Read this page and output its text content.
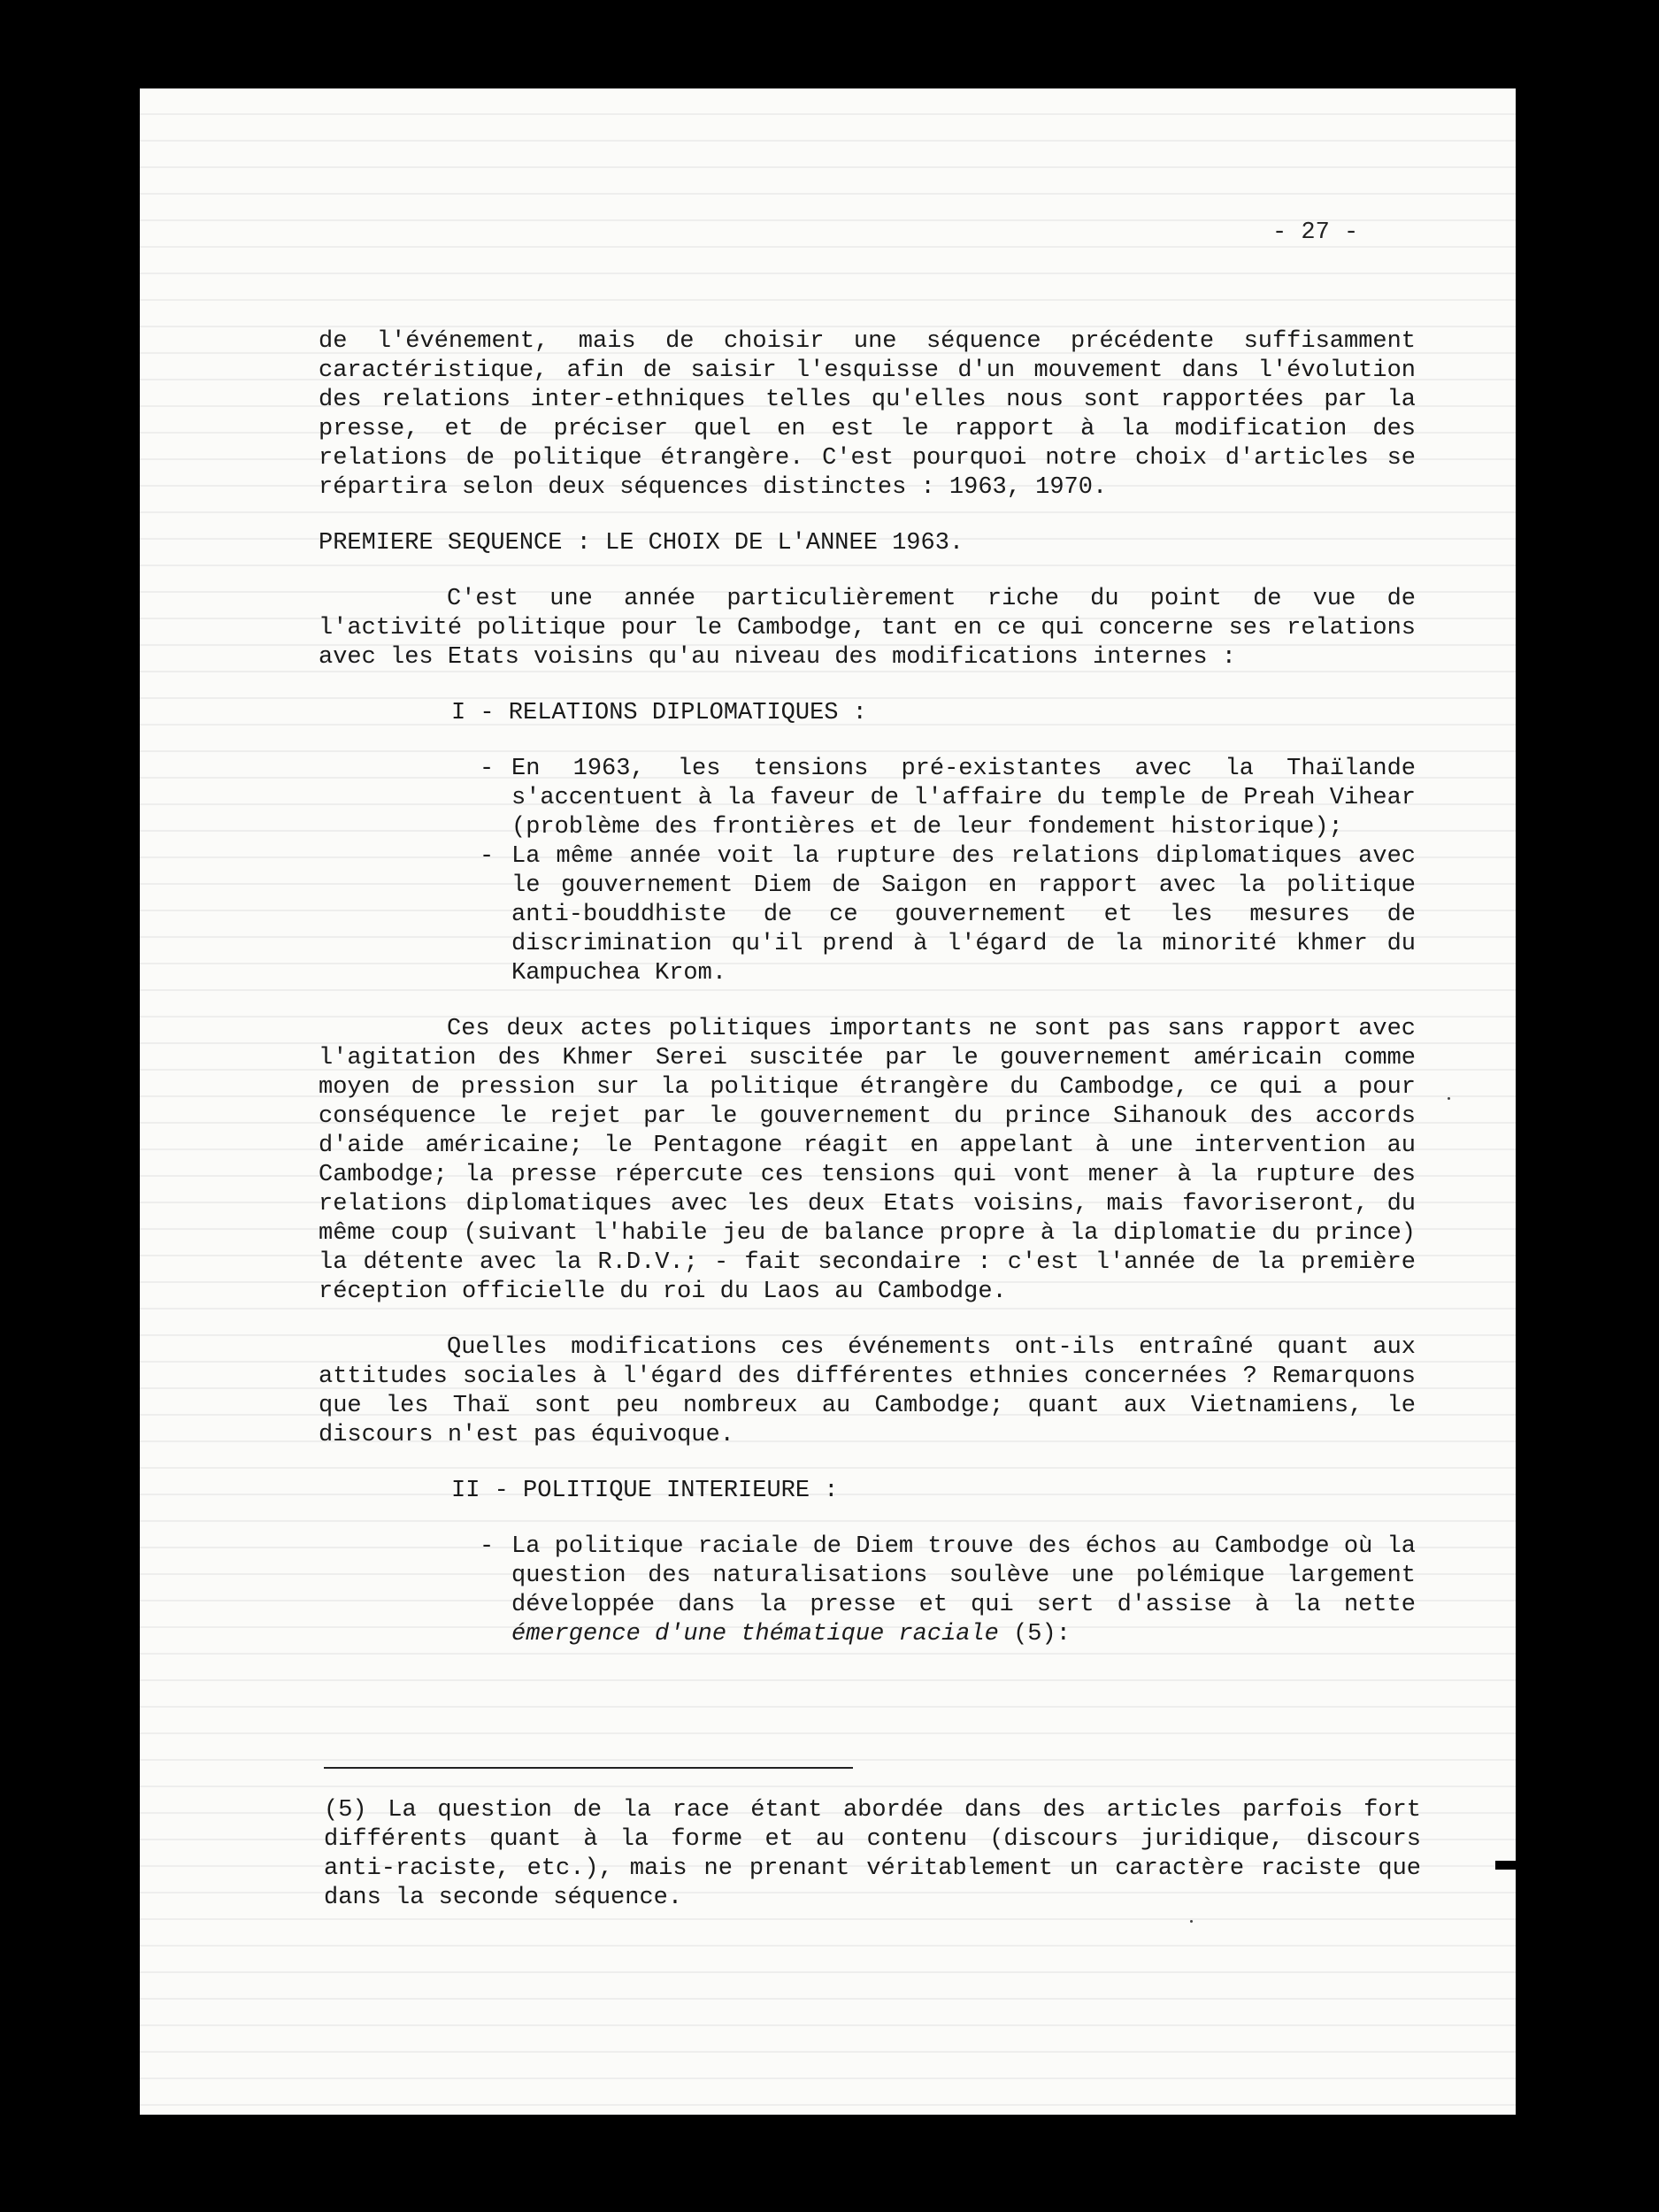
- 27 -

de l'événement, mais de choisir une séquence précédente suffisamment caractéristique, afin de saisir l'esquisse d'un mouvement dans l'évolution des relations inter-ethniques telles qu'elles nous sont rapportées par la presse, et de préciser quel en est le rapport à la modification des relations de politique étrangère. C'est pourquoi notre choix d'articles se répartira selon deux séquences distinctes : 1963, 1970.

PREMIERE SEQUENCE : LE CHOIX DE L'ANNEE 1963.

C'est une année particulièrement riche du point de vue de l'activité politique pour le Cambodge, tant en ce qui concerne ses relations avec les Etats voisins qu'au niveau des modifications internes :

I - RELATIONS DIPLOMATIQUES :

- En 1963, les tensions pré-existantes avec la Thaïlande s'accentuent à la faveur de l'affaire du temple de Preah Vihear (problème des frontières et de leur fondement historique);
- La même année voit la rupture des relations diplomatiques avec le gouvernement Diem de Saigon en rapport avec la politique anti-bouddhiste de ce gouvernement et les mesures de discrimination qu'il prend à l'égard de la minorité khmer du Kampuchea Krom.

Ces deux actes politiques importants ne sont pas sans rapport avec l'agitation des Khmer Serei suscitée par le gouvernement américain comme moyen de pression sur la politique étrangère du Cambodge, ce qui a pour conséquence le rejet par le gouvernement du prince Sihanouk des accords d'aide américaine; le Pentagone réagit en appelant à une intervention au Cambodge; la presse répercute ces tensions qui vont mener à la rupture des relations diplomatiques avec les deux Etats voisins, mais favoriseront, du même coup (suivant l'habile jeu de balance propre à la diplomatie du prince) la détente avec la R.D.V.; - fait secondaire : c'est l'année de la première réception officielle du roi du Laos au Cambodge.

Quelles modifications ces événements ont-ils entraîné quant aux attitudes sociales à l'égard des différentes ethnies concernées ? Remarquons que les Thaï sont peu nombreux au Cambodge; quant aux Vietnamiens, le discours n'est pas équivoque.

II - POLITIQUE INTERIEURE :

- La politique raciale de Diem trouve des échos au Cambodge où la question des naturalisations soulève une polémique largement développée dans la presse et qui sert d'assise à la nette émergence d'une thématique raciale (5):
(5) La question de la race étant abordée dans des articles parfois fort différents quant à la forme et au contenu (discours juridique, discours anti-raciste, etc.), mais ne prenant véritablement un caractère raciste que dans la seconde séquence.
